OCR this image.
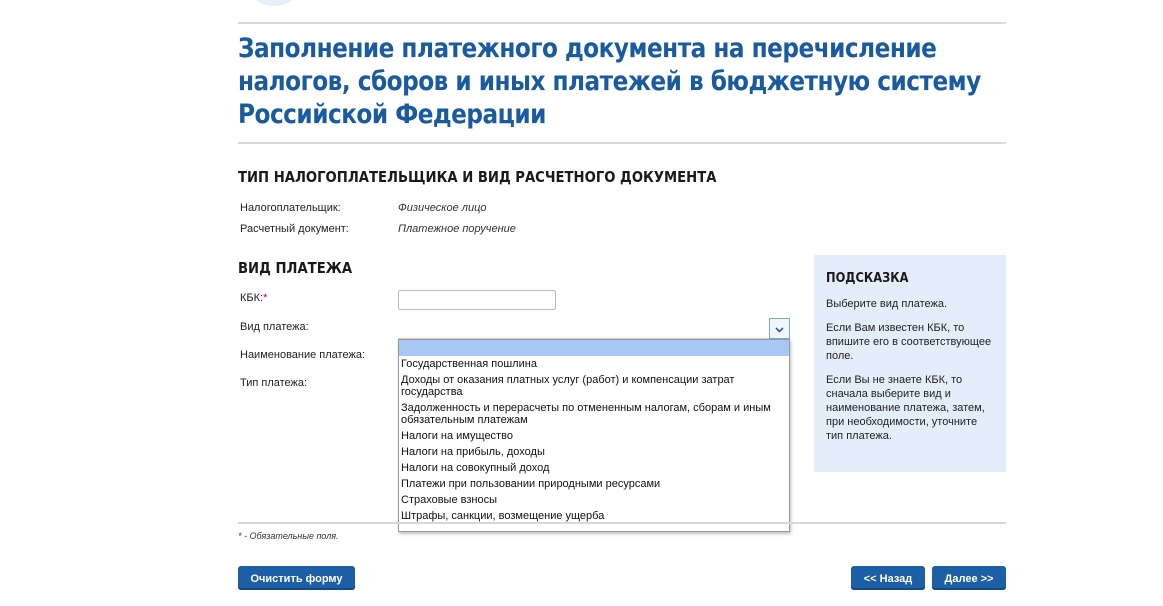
Заполнение платежного документа на перечисление налогов, сборов и иных платежей в бюджетную систему Российской Федерации
ТИП НАЛОГОПЛАТЕЛЬЩИКА И ВИД РАСЧЕТНОГО ДОКУМЕНТА
Налогоплательщик:	Физическое лицо
Расчетный документ:	Платежное поручение
ВИД ПЛАТЕЖА
КБК:*
Вид платежа:
Наименование платежа:
Тип платежа:
Государственная пошлина
Доходы от оказания платных услуг (работ) и компенсации затрат государства
Задолженность и перерасчеты по отмененным налогам, сборам и иным обязательным платежам
Налоги на имущество
Налоги на прибыль, доходы
Налоги на совокупный доход
Платежи при пользовании природными ресурсами
Страховые взносы
Штрафы, санкции, возмещение ущерба
ПОДСКАЗКА

Выберите вид платежа.

Если Вам известен КБК, то впишите его в соответствующее поле.

Если Вы не знаете КБК, то сначала выберите вид и наименование платежа, затем, при необходимости, уточните тип платежа.

* - Обязательные поля.
Очистить форму	<< Назад	Далее >>
